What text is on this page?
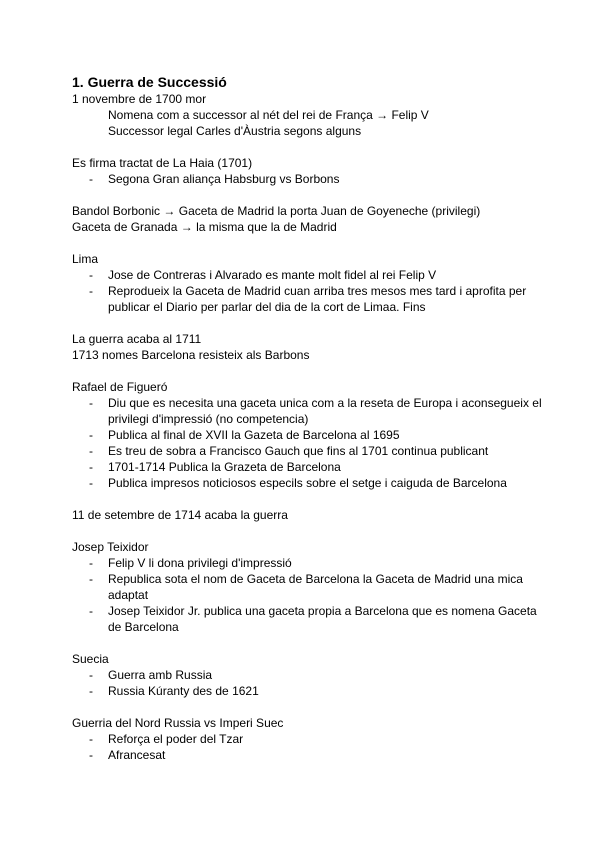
1. Guerra de Successió
1 novembre de 1700 mor
Nomena com a successor al nét del rei de França → Felip V
Successor legal Carles d'Àustria segons alguns
Es firma tractat de La Haia (1701)
- Segona Gran aliança Habsburg vs Borbons
Bandol Borbonic → Gaceta de Madrid la porta Juan de Goyeneche (privilegi)
Gaceta de Granada → la misma que la de Madrid
Lima
- Jose de Contreras i Alvarado es mante molt fidel al rei Felip V
- Reprodueix la Gaceta de Madrid cuan arriba tres mesos mes tard i aprofita per publicar el Diario per parlar del dia de la cort de Limaa. Fins
La guerra acaba al 1711
1713 nomes Barcelona resisteix als Barbons
Rafael de Figueró
- Diu que es necesita una gaceta unica com a la reseta de Europa i aconsegueix el privilegi d'impressió (no competencia)
- Publica al final de XVII la Gazeta de Barcelona al 1695
- Es treu de sobra a Francisco Gauch que fins al 1701 continua publicant
- 1701-1714 Publica la Grazeta de Barcelona
- Publica impresos noticiosos especils sobre el setge i caiguda de Barcelona
11 de setembre de 1714 acaba la guerra
Josep Teixidor
- Felip V li dona privilegi d'impressió
- Republica sota el nom de Gaceta de Barcelona la Gaceta de Madrid una mica adaptat
- Josep Teixidor Jr. publica una gaceta propia a Barcelona que es nomena Gaceta de Barcelona
Suecia
- Guerra amb Russia
- Russia Kúranty des de 1621
Guerria del Nord Russia vs Imperi Suec
- Reforça el poder del Tzar
- Afrancesat
